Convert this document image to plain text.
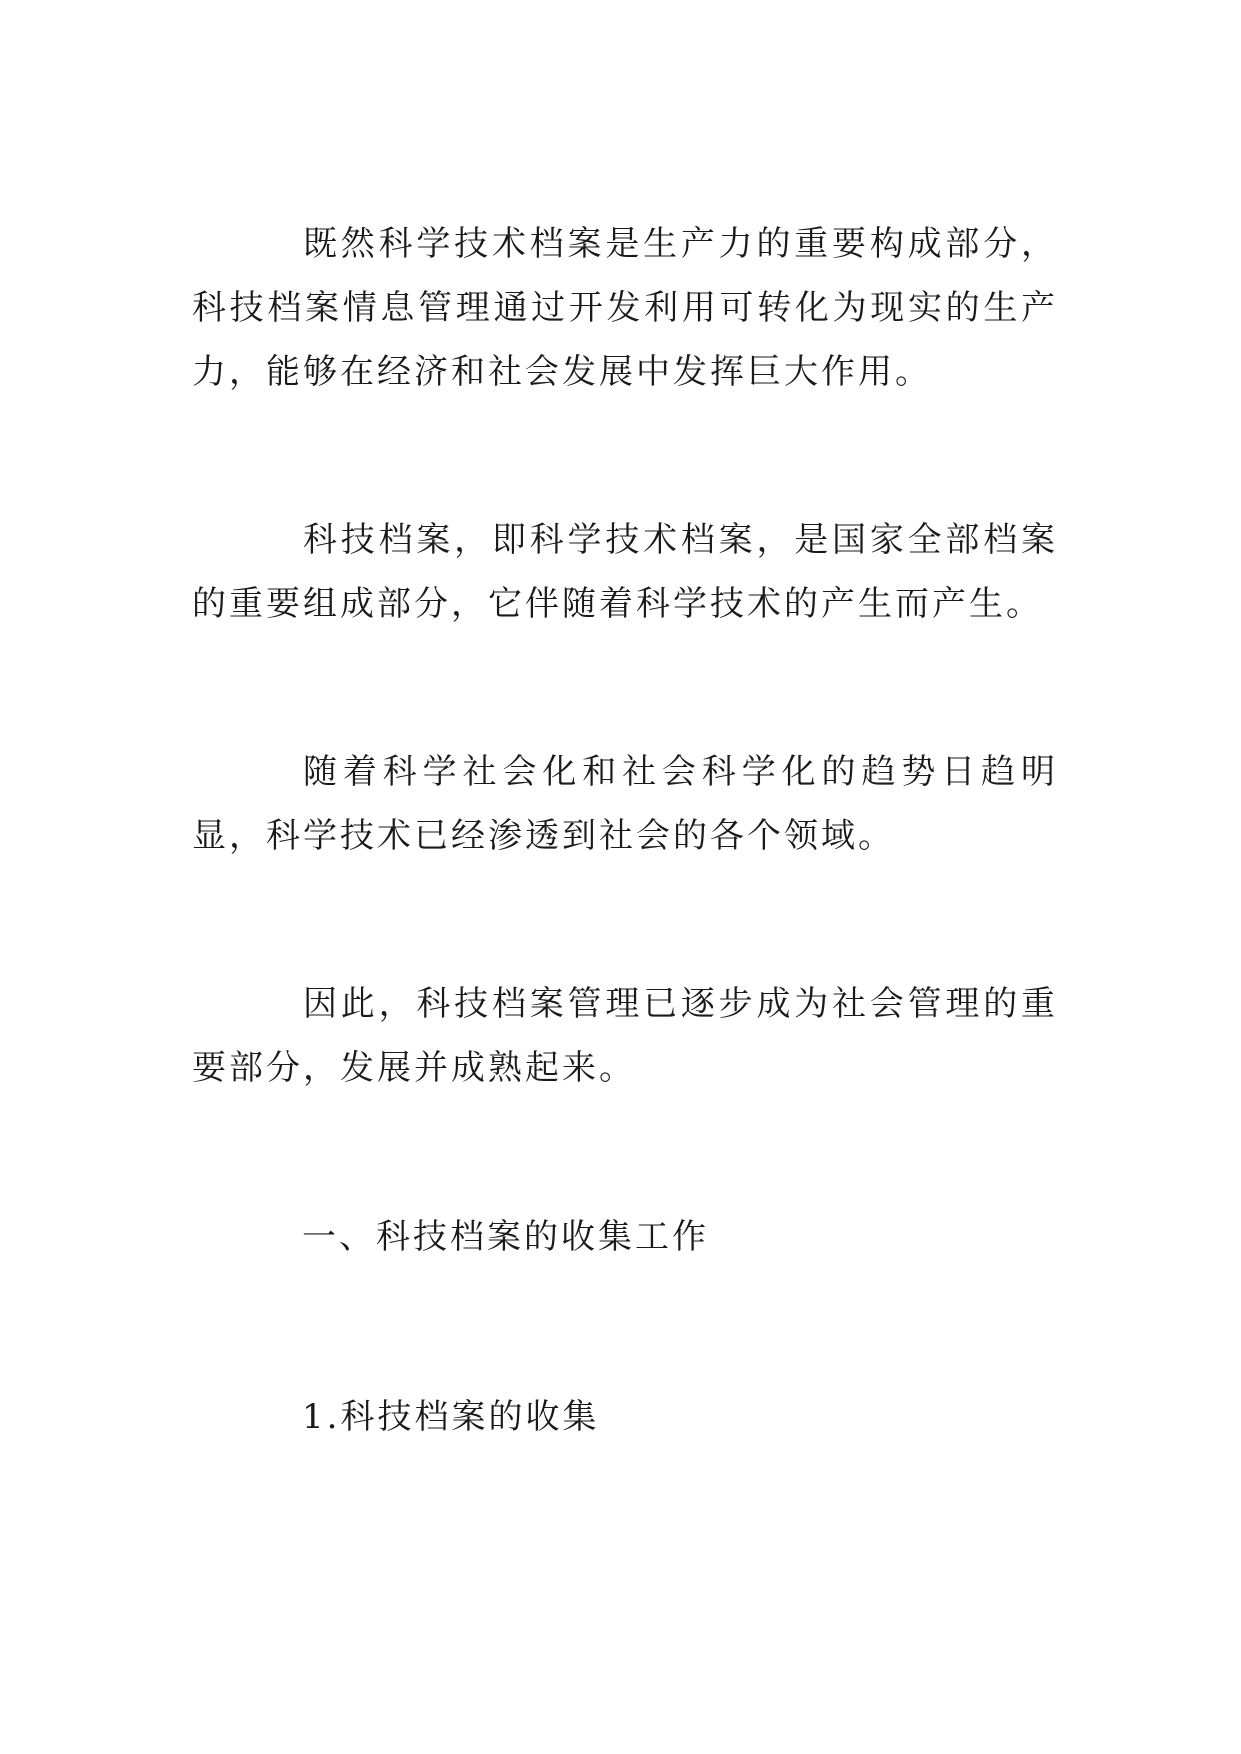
既然科学技术档案是生产力的重要构成部分，科技档案情息管理通过开发利用可转化为现实的生产力，能够在经济和社会发展中发挥巨大作用。

科技档案，即科学技术档案，是国家全部档案的重要组成部分，它伴随着科学技术的产生而产生。

随着科学社会化和社会科学化的趋势日趋明显，科学技术已经渗透到社会的各个领域。

因此，科技档案管理已逐步成为社会管理的重要部分，发展并成熟起来。

一、科技档案的收集工作

1.科技档案的收集
